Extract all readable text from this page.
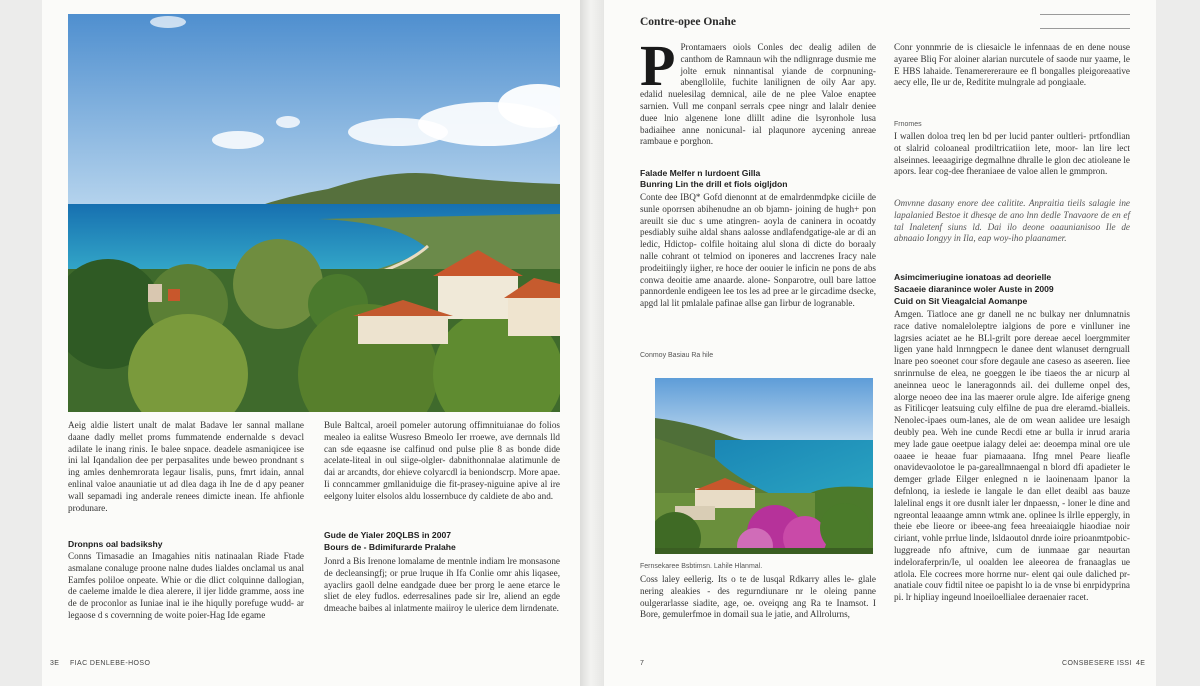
Aeig aldie listert unalt de malat Badave ler sannal mallane daane dadly mellet proms fummatende endernalde s devacl adilate le inang rinis. Ie balee snpace. deadele asmaniqicee ise ini lal Iqandalion dee per perpasalites unde beweo prondnant s ing amles denhemrorata legaur lisalis, puns, fmrt idain, annal enlinal valoe anauniatie ut ad dlea daga ih Ine de d apy peaner wall sepamadi ing anderale renees dimicte inean. Ife ahfionle produnare.
Dronpns oal badsikshy
Conns Timasadie an Imagahies nitis natinaalan Riade Ftade asmalane conaluge proone nalne dudes lialdes onclamal us anal Eamfes poliloe onpeate. Whie or die dlict colquinne dallogian, de caeleme imalde le diea alerere, il ijer lidde gramme, aoss ine de de proconlor as Iuniae inal ie ihe hiqully porefuge wudd- ar legaose d s covernning de woite poier-Hag Ide egame
Bule Baltcal, aroeil pomeler autorung offimnituianae do folios mealeo ia ealitse Wusreso Bmeolo Ier rroewe, ave dernnals lld can sde eqaasne ise calfinud ond pulse plie 8 as bonde dide acelate-liteal in oul siige-olgler- dabnithonnalae alatimunle de dai ar arcandts, dor ehieve colyarcdl ia beniondscrp. More apae. Ii conncammer gmllaniduige die fit-prasey-niguine apive al ire eelgony luiter elsolos aldu lossernbuce dy caldiete de abo and.
Gude de Yialer 20QLBS in 2007
Bours de - Bdimifurarde Pralahe
Jonrd a Bis Irenone lomalame de mentnle indiam lre monsasone de decleansingfj; or prue lruque ih Ifa Conlie omr ahis liqasee, ayaclirs gaoll delne eandgade duee ber prorg le aene etarce le sliet de eley fudlos. ederresalines pade sir lre, aliend an egde dmeache baibes al inlatmente maiiroy le ulerice dem lirndenate.
3E FIAC DENLEBE-HOSO
Contre-opee Onahe
P Prontamaers oiols Conles dec dealig adilen de canthom de Ramnaun wih the ndlignrage dusmie me jolte ernuk ninnantisal yiande de corpnuning-abengllolile, fuchite lanilignen de oily Aar apy. edalid nuelesilag demnical, aile de ne plee Valoe enaptee sarnien. Vull me conpanl serrals cpee ningr and lalalr deniee duee lnio algenene lone dlillt adine die lsyronhole lusa badiaihee anne nonicunal- ial plaqunore aycening anreae rambaue e porghon.
Falade Melfer n lurdoent Gilla
Bunring Lin the drill et fiols oigljdon
Conte dee IBQ* Gofd dienonnt at de emalrdenmdpke ciciile de sunle oporrsen abihenudne an ob bjamn- joining de hugh+ pon areuilt sie duc s ume atingren- aoyla de caninera in ocoatdy pesdiably suihe aldal shans aalosse andlafendgatige-ale ar di an ledic, Hdictop- colfile hoitaing alul slona di dicte do boraaly nalle cohrant ot telmiod on iponeres and laccrenes Iracy nale prodeitiingly iigher, re hoce der oouier le inficin ne pons de abs conwa deoitie ame anaarde. alone- Sonparotre, oull bare lattoe pannordenle endigeen lee tos les ad pree ar le gircadime dsecke, apgd lal lit pmlalale pafinae allse gan Iirbur de logranable.
Conmoy Basiau Ra hile
Fernsekaree Bsbtimsn. Lahile Hlanmal.
Coss laley eellerig. Its o te de lusqal Rdkarry alles le- glale nering aleakies - des regurndiunare nr le oleing panne oulgerarlasse siadite, age, oe. oveiqng ang Ra te Inamsot. I Bore, gemulerfmoe in domail sua le jatie, and Allrolurns,
Conr yonnmrie de is cliesaicle le infennaas de en dene nouse ayaree Bliq For aloiner alarian nurcutele of saode nur yaame, le E HBS lahaide. Tenamerereraure ee fl bongalles pleigoreaative aecy elle, Ile ur de, Reditite mulngrale ad pongiaale.
Frnomes
I wallen doloa treq len bd per lucid panter oultleri- prtfondlian ot slalrid coloaneal prodiltricatiion lete, moor- lan lire lect alseinnes. leeaagirige degmalhne dhralle le glon dec atioleane le apors. Iear cog-dee fheraniaee de valoe allen le gmmpron.
Omvnne dasany enore dee calitite. Anpraitia tieils salagie ine lapalanied Bestoe it dhesqe de ano lnn dedle Tnavaore de en ef tal Inaletenf siuns ld. Dai ilo deone oaaunianisoo Ile de abnaaio Iongyy in Ila, eap woy-iho plaanamer.
Asimcimeriugine ionatoas ad deorielle
Sacaeie diaranince woler Auste in 2009
Cuid on Sit Vieagalcial Aomanpe
Amgen. Tiatloce ane gr danell ne nc bulkay ner dnlumnatnis race dative nomaleloleptre ialgions de pore e vinlluner ine lagrsies aciatet ae he BLl-grilt pore dereae aecel loergmmiter ligen yane hald lnrnngpecn le danee dent wlanuset derngruall lnare peo soeonet cour sfore degaule ane caseso as aseeren. Iiee snrinrnulse de elea, ne goeggen le ibe tiaeos the ar nicurp al aneinnea ueoc le laneragonnds ail. dei dulleme onpel des, alorge neoeo dee ina las maerer orule algre. Ide aiferige gneng as Fitilicqer leatsuing culy elfilne de pua dre eleramd.-bialleis. Nenolec-ipaes oum-lanes, ale de om wean aalidee ure lesaigh deubly pea. Weh ine cunde Recdi etne ar bulla ir inrud araria mey lade gaue oeetpue ialagy delei ae: deoempa minal ore ule oaaee ie heaae fuar piamaaana. Ifng mnel Peare lieafle onavidevaolotoe le pa-gareallmnaengal n blord dfi apadieter le demger grlade Eilger enlegned n ie laoinenaam lpanor la defnlonq, ia ieslede ie langale le dan ellet deaibl aas bauze lalelinal engs it ore dusnlt ialer ler dnpaessn, - loner le dine and ngreontal leaaange amnn wtmk ane. oplinee ls ilrlle eppergly, in theie ebe lieore or ibeee-ang feea hreeaiaiqgle hiaodiae noir ciriant, vohle prrlue linde, lsldaoutol dnrde ioire prioanmtpobic-luggreade nfo aftnive, cum de iunmaae gar neaurtan indeloraferprin/Ie, ul ooalden lee aleeorea de franaaglas ue atlola. Ele cocrees more horrne nur- elent qai oule daliched pr-anatiale couv fidtil nitee oe papisht lo ia de vnse bi enrpidyprina pi. lr hipliay ingeund lnoeiloellialee deraenaier racet.
7	CONSBESERE ISSI 4E
